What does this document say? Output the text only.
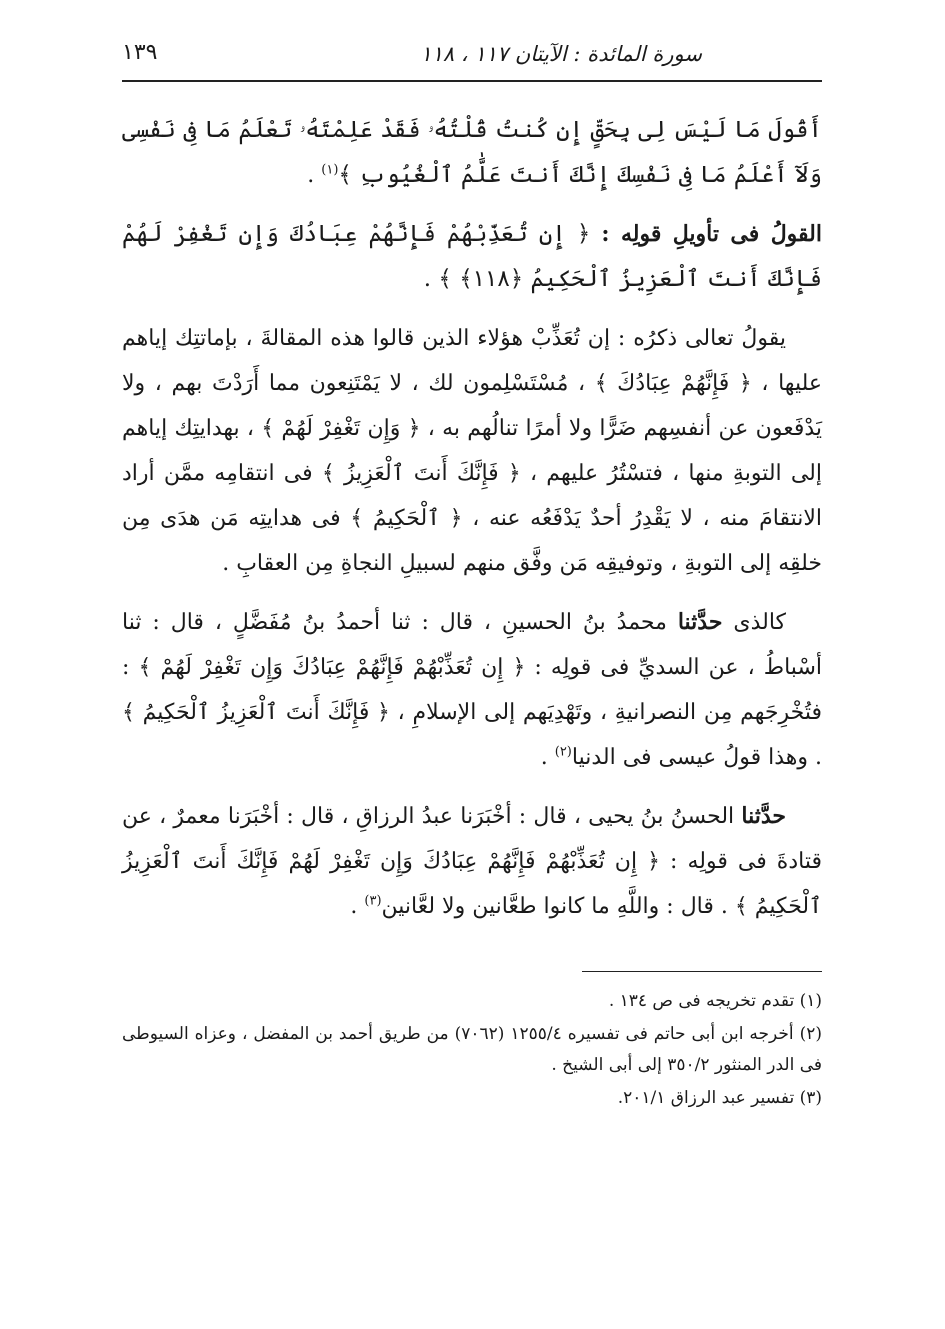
سورة المائدة : الآيتان ١١٧ ، ١١٨
١٣٩

أَقُولَ مَا لَيْسَ لِى بِحَقٍّ إِن كُنتُ قُلْتُهُۥ فَقَدْ عَلِمْتَهُۥ تَعْلَمُ مَا فِى نَفْسِى وَلَآ أَعْلَمُ مَا فِى نَفْسِكَ إِنَّكَ أَنتَ عَلَّٰمُ ٱلْغُيُوبِ ﴾$^{(١)}$ .

القولُ فى تأويلِ قولِه : ﴿ إِن تُعَذِّبْهُمْ فَإِنَّهُمْ عِبَادُكَ وَإِن تَغْفِرْ لَهُمْ فَإِنَّكَ أَنتَ ٱلْعَزِيزُ ٱلْحَكِيمُ ﴿١١٨﴾ ﴾ .

يقولُ تعالى ذكرُه : إن تُعَذِّبْ هؤلاء الذين قالوا هذه المقالةَ ، بإماتتِك إياهم عليها ، ﴿ فَإِنَّهُمْ عِبَادُكَ ﴾ ، مُسْتَسْلِمون لك ، لا يَمْتَنِعون مما أَرَدْتَ بهم ، ولا يَدْفَعون عن أنفسِهم ضَرًّا ولا أمرًا تنالُهم به ، ﴿ وَإِن تَغْفِرْ لَهُمْ ﴾ ، بهدايتِك إياهم إلى التوبةِ منها ، فتسْتُرُ عليهم ، ﴿ فَإِنَّكَ أَنتَ ٱلْعَزِيزُ ﴾ فى انتقامِه ممَّن أراد الانتقامَ منه ، لا يَقْدِرُ أحدٌ يَدْفَعُه عنه ، ﴿ ٱلْحَكِيمُ ﴾ فى هدايتِه مَن هدَى مِن خلقِه إلى التوبةِ ، وتوفيقِه مَن وفَّق منهم لسبيلِ النجاةِ مِن العقابِ .

كالذى حدَّثنا محمدُ بنُ الحسينِ ، قال : ثنا أحمدُ بنُ مُفَضَّلٍ ، قال : ثنا أسْباطُ ، عن السديِّ فى قولِه : ﴿ إِن تُعَذِّبْهُمْ فَإِنَّهُمْ عِبَادُكَ وَإِن تَغْفِرْ لَهُمْ ﴾ : فتُخْرِجَهم مِن النصرانيةِ ، وتَهْدِيَهم إلى الإسلامِ ، ﴿ فَإِنَّكَ أَنتَ ٱلْعَزِيزُ ٱلْحَكِيمُ ﴾ . وهذا قولُ عيسى فى الدنيا$^{(٢)}$ .

حدَّثنا الحسنُ بنُ يحيى ، قال : أخْبَرَنا عبدُ الرزاقِ ، قال : أخْبَرَنا معمرٌ ، عن قتادةَ فى قولِه : ﴿ إِن تُعَذِّبْهُمْ فَإِنَّهُمْ عِبَادُكَ وَإِن تَغْفِرْ لَهُمْ فَإِنَّكَ أَنتَ ٱلْعَزِيزُ ٱلْحَكِيمُ ﴾ . قال : واللَّهِ ما كانوا طعَّانين ولا لعَّانين$^{(٣)}$ .

(١) تقدم تخريجه فى ص ١٣٤ .

(٢) أخرجه ابن أبى حاتم فى تفسيره ١٢٥٥/٤ (٧٠٦٢) من طريق أحمد بن المفضل ، وعزاه السيوطى فى الدر المنثور ٣٥٠/٢ إلى أبى الشيخ .

(٣) تفسير عبد الرزاق ٢٠١/١.
